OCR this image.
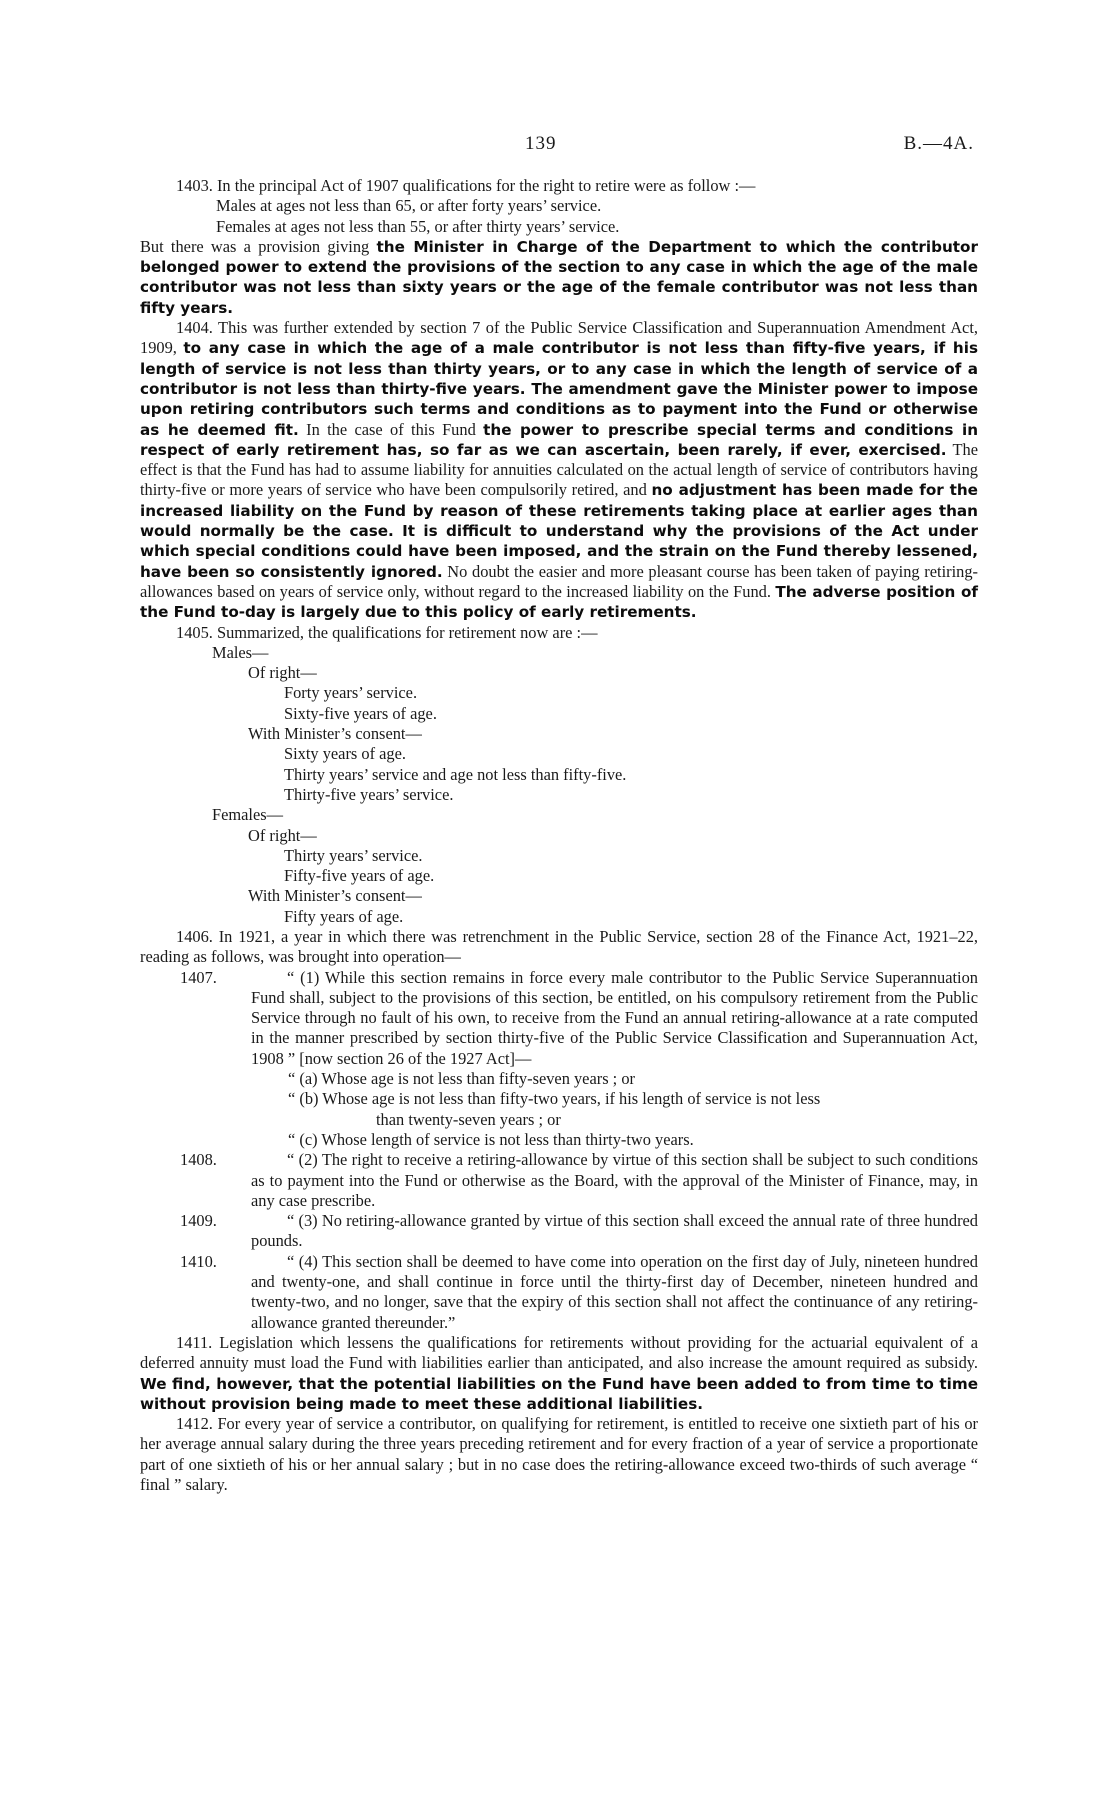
139	B.—4A.

1403. In the principal Act of 1907 qualifications for the right to retire were as follow :—

Males at ages not less than 65, or after forty years’ service.

Females at ages not less than 55, or after thirty years’ service.

But there was a provision giving the Minister in Charge of the Department to which the contributor belonged power to extend the provisions of the section to any case in which the age of the male contributor was not less than sixty years or the age of the female contributor was not less than fifty years.

1404. This was further extended by section 7 of the Public Service Classification and Superannuation Amendment Act, 1909, to any case in which the age of a male contributor is not less than fifty-five years, if his length of service is not less than thirty years, or to any case in which the length of service of a contributor is not less than thirty-five years. The amendment gave the Minister power to impose upon retiring contributors such terms and conditions as to payment into the Fund or otherwise as he deemed fit. In the case of this Fund the power to prescribe special terms and conditions in respect of early retirement has, so far as we can ascertain, been rarely, if ever, exercised. The effect is that the Fund has had to assume liability for annuities calculated on the actual length of service of contributors having thirty-five or more years of service who have been compulsorily retired, and no adjustment has been made for the increased liability on the Fund by reason of these retirements taking place at earlier ages than would normally be the case. It is difficult to understand why the provisions of the Act under which special conditions could have been imposed, and the strain on the Fund thereby lessened, have been so consistently ignored. No doubt the easier and more pleasant course has been taken of paying retiring-allowances based on years of service only, without regard to the increased liability on the Fund. The adverse position of the Fund to-day is largely due to this policy of early retirements.

1405. Summarized, the qualifications for retirement now are :—

Males—

Of right—

Forty years’ service.

Sixty-five years of age.

With Minister’s consent—

Sixty years of age.

Thirty years’ service and age not less than fifty-five.

Thirty-five years’ service.

Females—

Of right—

Thirty years’ service.

Fifty-five years of age.

With Minister’s consent—

Fifty years of age.

1406. In 1921, a year in which there was retrenchment in the Public Service, section 28 of the Finance Act, 1921–22, reading as follows, was brought into operation—

1407.	“ (1) While this section remains in force every male contributor to the Public Service Superannuation Fund shall, subject to the provisions of this section, be entitled, on his compulsory retirement from the Public Service through no fault of his own, to receive from the Fund an annual retiring-allowance at a rate computed in the manner prescribed by section thirty-five of the Public Service Classification and Superannuation Act, 1908 ” [now section 26 of the 1927 Act]—

“ (a) Whose age is not less than fifty-seven years ; or

“ (b) Whose age is not less than fifty-two years, if his length of service is not less

than twenty-seven years ; or

“ (c) Whose length of service is not less than thirty-two years.

1408.	“ (2) The right to receive a retiring-allowance by virtue of this section shall be subject to such conditions as to payment into the Fund or otherwise as the Board, with the approval of the Minister of Finance, may, in any case prescribe.

1409.	“ (3) No retiring-allowance granted by virtue of this section shall exceed the annual rate of three hundred pounds.

1410.	“ (4) This section shall be deemed to have come into operation on the first day of July, nineteen hundred and twenty-one, and shall continue in force until the thirty-first day of December, nineteen hundred and twenty-two, and no longer, save that the expiry of this section shall not affect the continuance of any retiring-allowance granted thereunder.”

1411. Legislation which lessens the qualifications for retirements without providing for the actuarial equivalent of a deferred annuity must load the Fund with liabilities earlier than anticipated, and also increase the amount required as subsidy. We find, however, that the potential liabilities on the Fund have been added to from time to time without provision being made to meet these additional liabilities.

1412. For every year of service a contributor, on qualifying for retirement, is entitled to receive one sixtieth part of his or her average annual salary during the three years preceding retirement and for every fraction of a year of service a proportionate part of one sixtieth of his or her annual salary ; but in no case does the retiring-allowance exceed two-thirds of such average “ final ” salary.
